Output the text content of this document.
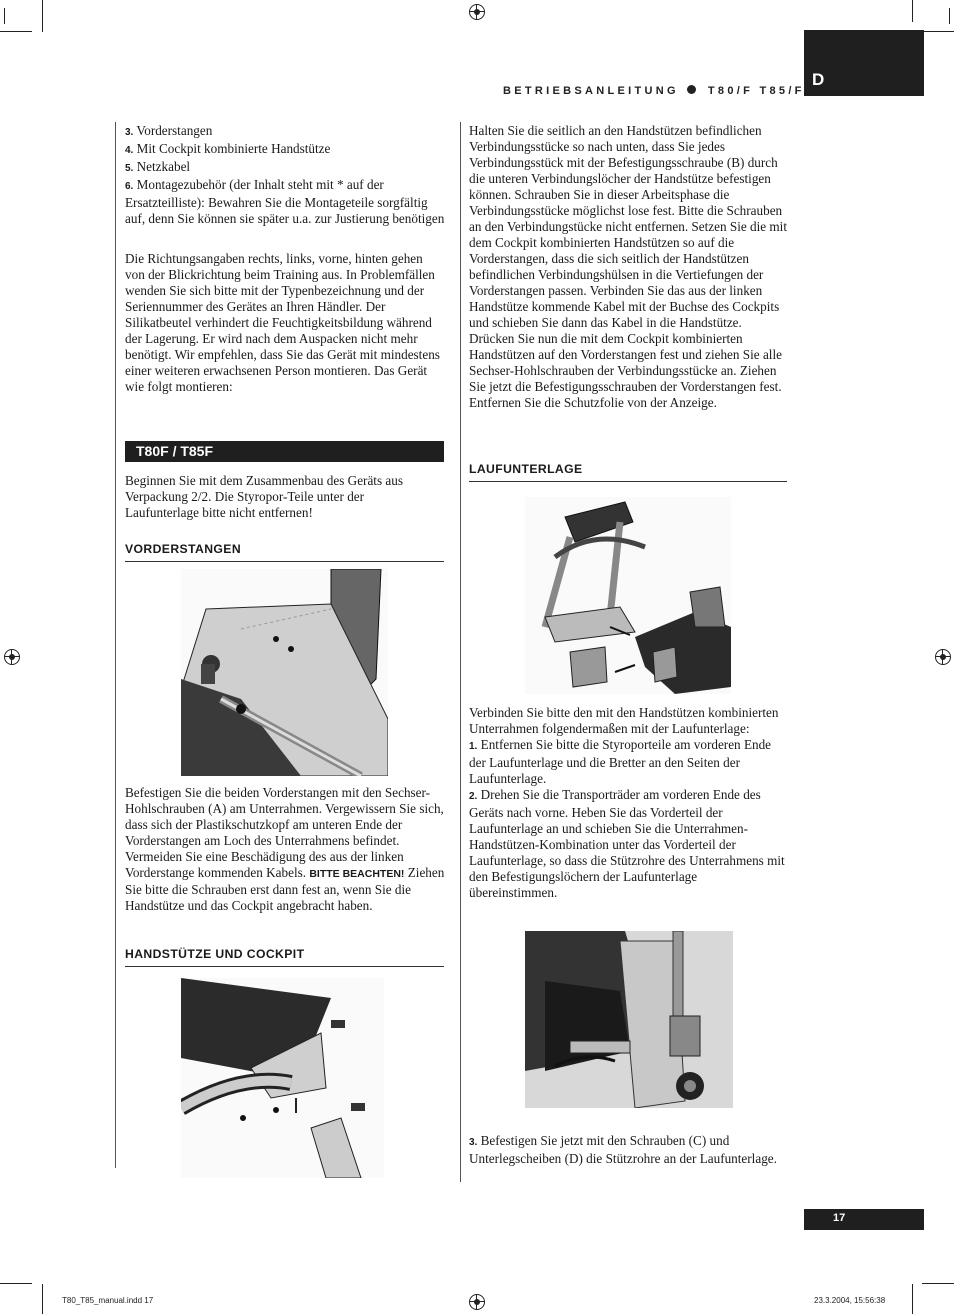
D
BETRIEBSANLEITUNG	T80/F T85/F

3. Vorderstangen

4. Mit Cockpit kombinierte Handstütze

5. Netzkabel

6. Montagezubehör (der Inhalt steht mit * auf der Ersatzteilliste): Bewahren Sie die Montageteile sorgfältig auf, denn Sie können sie später u.a. zur Justierung benötigen

Die Richtungsangaben rechts, links, vorne, hinten gehen von der Blickrichtung beim Training aus. In Problemfällen wenden Sie sich bitte mit der Typenbezeichnung und der Seriennummer des Gerätes an Ihren Händler. Der Silikatbeutel verhindert die Feuchtigkeitsbildung während der Lagerung. Er wird nach dem Auspacken nicht mehr benötigt. Wir empfehlen, dass Sie das Gerät mit mindestens einer weiteren erwachsenen Person montieren. Das Gerät wie folgt montieren:

T80F / T85F

Beginnen Sie mit dem Zusammenbau des Geräts aus Verpackung 2/2. Die Styropor-Teile unter der Laufunterlage bitte nicht entfernen!

VORDERSTANGEN

Befestigen Sie die beiden Vorderstangen mit den Sechser-Hohlschrauben (A) am Unterrahmen. Vergewissern Sie sich, dass sich der Plastikschutzkopf am unteren Ende der Vorderstangen am Loch des Unterrahmens befindet. Vermeiden Sie eine Beschädigung des aus der linken Vorderstange kommenden Kabels. BITTE BEACHTEN! Ziehen Sie bitte die Schrauben erst dann fest an, wenn Sie die Handstütze und das Cockpit angebracht haben.

HANDSTÜTZE UND COCKPIT

Halten Sie die seitlich an den Handstützen befindlichen Verbindungsstücke so nach unten, dass Sie jedes Verbindungsstück mit der Befestigungsschraube (B) durch die unteren Verbindungslöcher der Handstütze befestigen können. Schrauben Sie in dieser Arbeitsphase die Verbindungsstücke möglichst lose fest. Bitte die Schrauben an den Verbindungstücke nicht entfernen. Setzen Sie die mit dem Cockpit kombinierten Handstützen so auf die Vorderstangen, dass die sich seitlich der Handstützen befindlichen Verbindungshülsen in die Vertiefungen der Vorderstangen passen. Verbinden Sie das aus der linken Handstütze kommende Kabel mit der Buchse des Cockpits und schieben Sie dann das Kabel in die Handstütze. Drücken Sie nun die mit dem Cockpit kombinierten Handstützen auf den Vorderstangen fest und ziehen Sie alle Sechser-Hohlschrauben der Verbindungsstücke an. Ziehen Sie jetzt die Befestigungsschrauben der Vorderstangen fest. Entfernen Sie die Schutzfolie von der Anzeige.

LAUFUNTERLAGE

Verbinden Sie bitte den mit den Handstützen kombinierten Unterrahmen folgendermaßen mit der Laufunterlage:

1. Entfernen Sie bitte die Styroporteile am vorderen Ende der Laufunterlage und die Bretter an den Seiten der Laufunterlage.

2. Drehen Sie die Transporträder am vorderen Ende des Geräts nach vorne. Heben Sie das Vorderteil der Laufunterlage an und schieben Sie die Unterrahmen-Handstützen-Kombination unter das Vorderteil der Laufunterlage, so dass die Stützrohre des Unterrahmens mit den Befestigungslöchern der Laufunterlage übereinstimmen.

3. Befestigen Sie jetzt mit den Schrauben (C) und Unterlegscheiben (D) die Stützrohre an der Laufunterlage.

17
T80_T85_manual.indd 17	23.3.2004, 15:56:38
